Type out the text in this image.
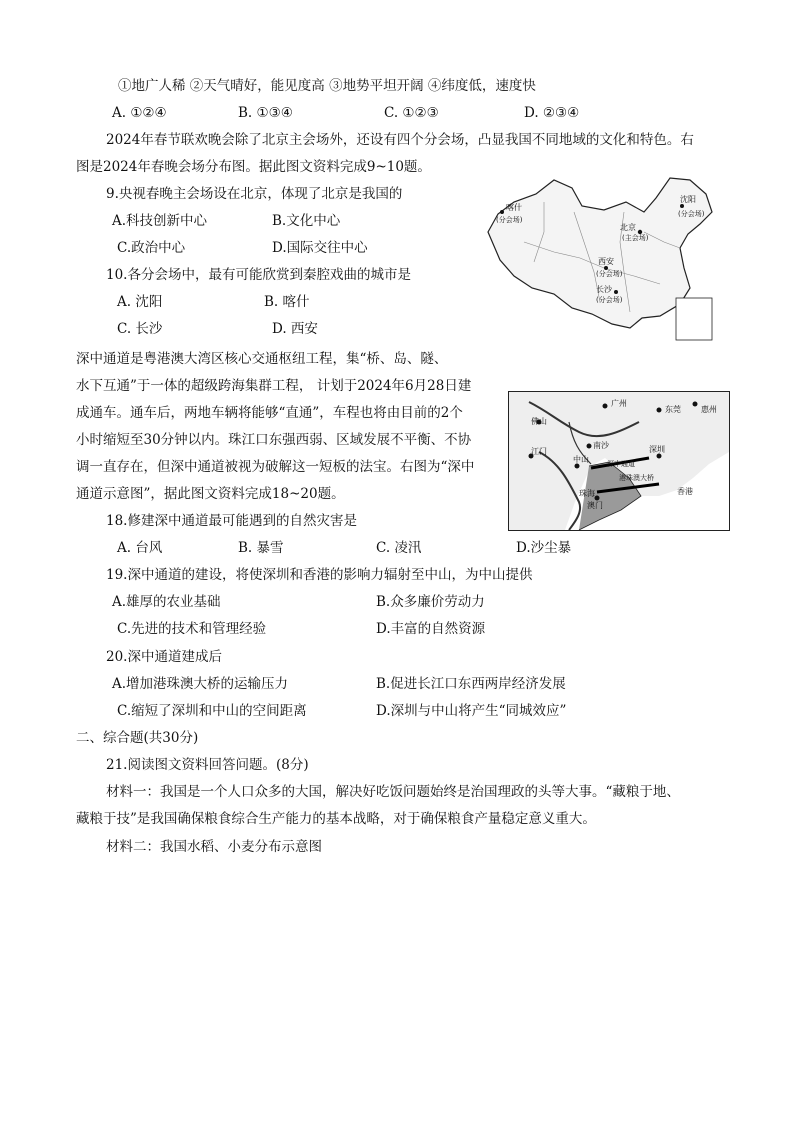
①地广人稀 ②天气晴好，能见度高 ③地势平坦开阔 ④纬度低，速度快
A. ①②④	B. ①③④	C. ①②③	D. ②③④
2024年春节联欢晚会除了北京主会场外，还设有四个分会场，凸显我国不同地域的文化和特色。右
图是2024年春晚会场分布图。据此图文资料完成9~10题。
9.央视春晚主会场设在北京，体现了北京是我国的
A.科技创新中心	B.文化中心
C.政治中心	D.国际交往中心
10.各分会场中，最有可能欣赏到秦腔戏曲的城市是
A. 沈阳	B. 喀什
C. 长沙	D. 西安
喀什
(分会场)
沈阳
(分会场)
北京
(主会场)
西安
(分会场)
长沙
(分会场)
深中通道是粤港澳大湾区核心交通枢纽工程，集“桥、岛、隧、
水下互通”于一体的超级跨海集群工程， 计划于2024年6月28日建
成通车。通车后，两地车辆将能够“直通”，车程也将由目前的2个
小时缩短至30分钟以内。珠江口东强西弱、区域发展不平衡、不协
调一直存在，但深中通道被视为破解这一短板的法宝。右图为“深中
通道示意图”，据此图文资料完成18~20题。
广州
东莞	惠州
佛山
南沙
深中通道
江门
中山
深圳
港珠澳大桥
珠海
澳门
香港
18.修建深中通道最可能遇到的自然灾害是
A. 台风	B. 暴雪	C. 凌汛	D.沙尘暴
19.深中通道的建设，将使深圳和香港的影响力辐射至中山，为中山提供
A.雄厚的农业基础	B.众多廉价劳动力
C.先进的技术和管理经验	D.丰富的自然资源
20.深中通道建成后
A.增加港珠澳大桥的运输压力	B.促进长江口东西两岸经济发展
C.缩短了深圳和中山的空间距离	D.深圳与中山将产生“同城效应”
二、综合题(共30分)
21.阅读图文资料回答问题。(8分)
材料一：我国是一个人口众多的大国，解决好吃饭问题始终是治国理政的头等大事。“藏粮于地、
藏粮于技”是我国确保粮食综合生产能力的基本战略，对于确保粮食产量稳定意义重大。
材料二：我国水稻、小麦分布示意图
